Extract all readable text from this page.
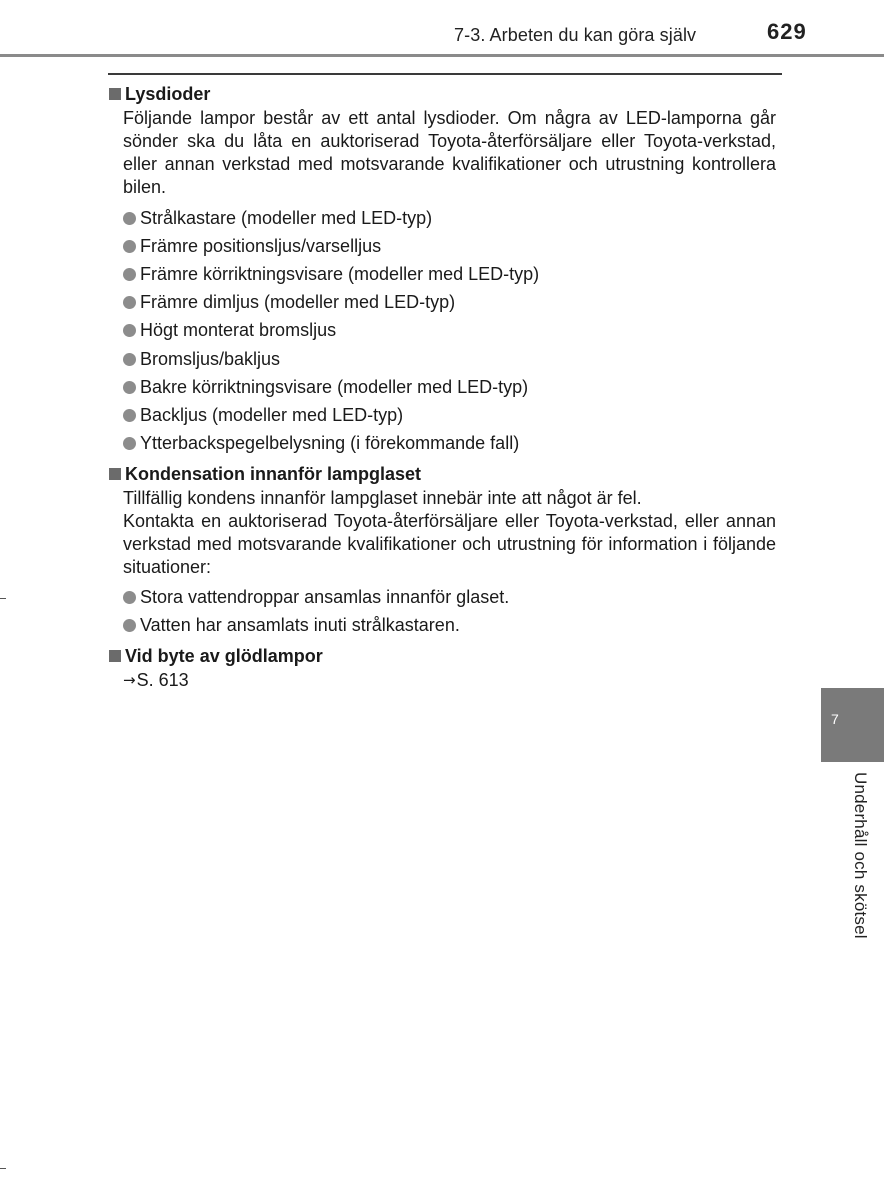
7-3. Arbeten du kan göra själv	629
Lysdioder

Följande lampor består av ett antal lysdioder. Om några av LED-lamporna går sönder ska du låta en auktoriserad Toyota-återförsäljare eller Toyota-verkstad, eller annan verkstad med motsvarande kvalifikationer och utrustning kontrollera bilen.

Strålkastare (modeller med LED-typ)
Främre positionsljus/varselljus
Främre körriktningsvisare (modeller med LED-typ)
Främre dimljus (modeller med LED-typ)
Högt monterat bromsljus
Bromsljus/bakljus
Bakre körriktningsvisare (modeller med LED-typ)
Backljus (modeller med LED-typ)
Ytterbackspegelbelysning (i förekommande fall)
Kondensation innanför lampglaset

Tillfällig kondens innanför lampglaset innebär inte att något är fel.

Kontakta en auktoriserad Toyota-återförsäljare eller Toyota-verkstad, eller annan verkstad med motsvarande kvalifikationer och utrustning för information i följande situationer:

Stora vattendroppar ansamlas innanför glaset.
Vatten har ansamlats inuti strålkastaren.
Vid byte av glödlampor
→ S. 613
7
Underhåll och skötsel
